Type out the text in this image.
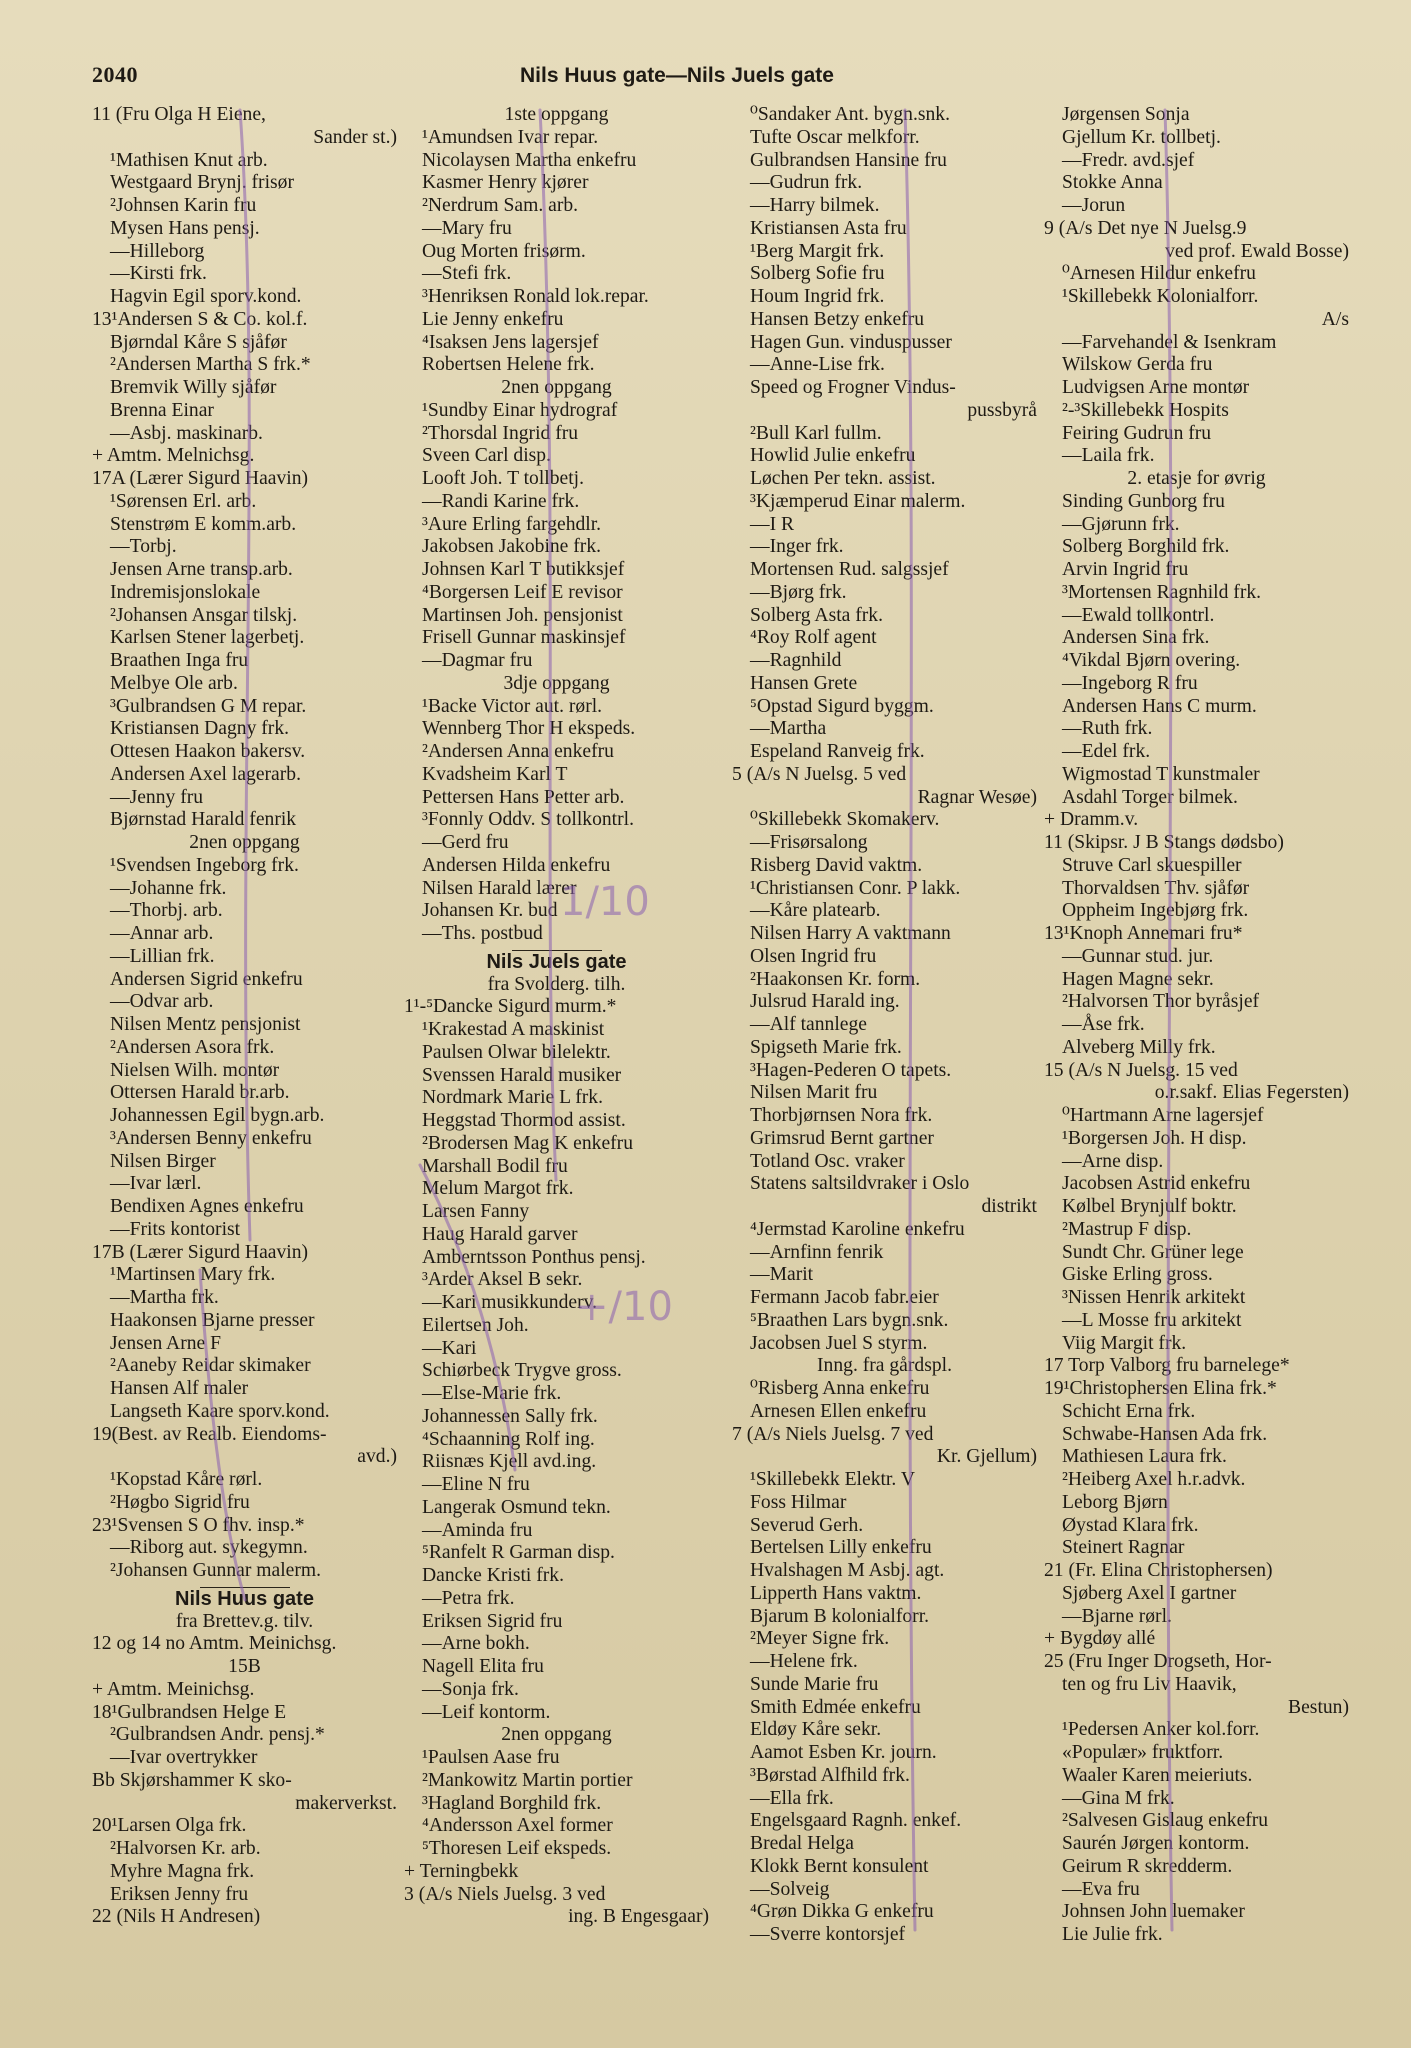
2040	Nils Huus gate—Nils Juels gate
11 (Fru Olga H Eiene,
Sander st.)
¹Mathisen Knut arb.
Westgaard Brynj. frisør
²Johnsen Karin fru
Mysen Hans pensj.
—Hilleborg
—Kirsti frk.
Hagvin Egil sporv.kond.
13¹Andersen S & Co. kol.f.
Bjørndal Kåre S sjåfør
²Andersen Martha S frk.*
Bremvik Willy sjåfør
Brenna Einar
—Asbj. maskinarb.
+ Amtm. Melnichsg.
17A (Lærer Sigurd Haavin)
¹Sørensen Erl. arb.
Stenstrøm E komm.arb.
—Torbj.
Jensen Arne transp.arb.
Indremisjonslokale
²Johansen Ansgar tilskj.
Karlsen Stener lagerbetj.
Braathen Inga fru
Melbye Ole arb.
³Gulbrandsen G M repar.
Kristiansen Dagny frk.
Ottesen Haakon bakersv.
Andersen Axel lagerarb.
—Jenny fru
Bjørnstad Harald fenrik
2nen oppgang
¹Svendsen Ingeborg frk.
—Johanne frk.
—Thorbj. arb.
—Annar arb.
—Lillian frk.
Andersen Sigrid enkefru
—Odvar arb.
Nilsen Mentz pensjonist
²Andersen Asora frk.
Nielsen Wilh. montør
Ottersen Harald br.arb.
Johannessen Egil bygn.arb.
³Andersen Benny enkefru
Nilsen Birger
—Ivar lærl.
Bendixen Agnes enkefru
—Frits kontorist
17B (Lærer Sigurd Haavin)
¹Martinsen Mary frk.
—Martha frk.
Haakonsen Bjarne presser
Jensen Arne F
²Aaneby Reidar skimaker
Hansen Alf maler
Langseth Kaare sporv.kond.
19(Best. av Realb. Eiendoms-
avd.)
¹Kopstad Kåre rørl.
²Høgbo Sigrid fru
23¹Svensen S O fhv. insp.*
—Riborg aut. sykegymn.
²Johansen Gunnar malerm.
Nils Huus gate
fra Brettev.g. tilv.
12 og 14 no Amtm. Meinichsg.
15B
+ Amtm. Meinichsg.
18¹Gulbrandsen Helge E
²Gulbrandsen Andr. pensj.*
—Ivar overtrykker
Bb Skjørshammer K sko-
makerverkst.
20¹Larsen Olga frk.
²Halvorsen Kr. arb.
Myhre Magna frk.
Eriksen Jenny fru
22 (Nils H Andresen)
1ste oppgang
¹Amundsen Ivar repar.
Nicolaysen Martha enkefru
Kasmer Henry kjører
²Nerdrum Sam. arb.
—Mary fru
Oug Morten frisørm.
—Stefi frk.
³Henriksen Ronald lok.repar.
Lie Jenny enkefru
⁴Isaksen Jens lagersjef
Robertsen Helene frk.
2nen oppgang
¹Sundby Einar hydrograf
²Thorsdal Ingrid fru
Sveen Carl disp.
Looft Joh. T tollbetj.
—Randi Karine frk.
³Aure Erling fargehdlr.
Jakobsen Jakobine frk.
Johnsen Karl T butikksjef
⁴Borgersen Leif E revisor
Martinsen Joh. pensjonist
Frisell Gunnar maskinsjef
—Dagmar fru
3dje oppgang
¹Backe Victor aut. rørl.
Wennberg Thor H ekspeds.
²Andersen Anna enkefru
Kvadsheim Karl T
Pettersen Hans Petter arb.
³Fonnly Oddv. S tollkontrl.
—Gerd fru
Andersen Hilda enkefru
Nilsen Harald lærer
Johansen Kr. bud
—Ths. postbud
Nils Juels gate
fra Svolderg. tilh.
1¹-⁵Dancke Sigurd murm.*
¹Krakestad A maskinist
Paulsen Olwar bilelektr.
Svenssen Harald musiker
Nordmark Marie L frk.
Heggstad Thormod assist.
²Brodersen Mag K enkefru
Marshall Bodil fru
Melum Margot frk.
Larsen Fanny
Haug Harald garver
Amberntsson Ponthus pensj.
³Arder Aksel B sekr.
—Kari musikkunderv.
Eilertsen Joh.
—Kari
Schiørbeck Trygve gross.
—Else-Marie frk.
Johannessen Sally frk.
⁴Schaanning Rolf ing.
Riisnæs Kjell avd.ing.
—Eline N fru
Langerak Osmund tekn.
—Aminda fru
⁵Ranfelt R Garman disp.
Dancke Kristi frk.
—Petra frk.
Eriksen Sigrid fru
—Arne bokh.
Nagell Elita fru
—Sonja frk.
—Leif kontorm.
2nen oppgang
¹Paulsen Aase fru
²Mankowitz Martin portier
³Hagland Borghild frk.
⁴Andersson Axel former
⁵Thoresen Leif ekspeds.
+ Terningbekk
3 (A/s Niels Juelsg. 3 ved
ing. B Engesgaar)
⁰Sandaker Ant. bygn.snk.
Tufte Oscar melkforr.
Gulbrandsen Hansine fru
—Gudrun frk.
—Harry bilmek.
Kristiansen Asta fru
¹Berg Margit frk.
Solberg Sofie fru
Houm Ingrid frk.
Hansen Betzy enkefru
Hagen Gun. vinduspusser
—Anne-Lise frk.
Speed og Frogner Vindus-
pussbyrå
²Bull Karl fullm.
Howlid Julie enkefru
Løchen Per tekn. assist.
³Kjæmperud Einar malerm.
—I R
—Inger frk.
Mortensen Rud. salgssjef
—Bjørg frk.
Solberg Asta frk.
⁴Roy Rolf agent
—Ragnhild
Hansen Grete
⁵Opstad Sigurd byggm.
—Martha
Espeland Ranveig frk.
5 (A/s N Juelsg. 5 ved
Ragnar Wesøe)
⁰Skillebekk Skomakerv.
—Frisørsalong
Risberg David vaktm.
¹Christiansen Conr. P lakk.
—Kåre platearb.
Nilsen Harry A vaktmann
Olsen Ingrid fru
²Haakonsen Kr. form.
Julsrud Harald ing.
—Alf tannlege
Spigseth Marie frk.
³Hagen-Pederen O tapets.
Nilsen Marit fru
Thorbjørnsen Nora frk.
Grimsrud Bernt gartner
Totland Osc. vraker
Statens saltsildvraker i Oslo
distrikt
⁴Jermstad Karoline enkefru
—Arnfinn fenrik
—Marit
Fermann Jacob fabr.eier
⁵Braathen Lars bygn.snk.
Jacobsen Juel S styrm.
Inng. fra gårdspl.
⁰Risberg Anna enkefru
Arnesen Ellen enkefru
7 (A/s Niels Juelsg. 7 ved
Kr. Gjellum)
¹Skillebekk Elektr. V
Foss Hilmar
Severud Gerh.
Bertelsen Lilly enkefru
Hvalshagen M Asbj. agt.
Lipperth Hans vaktm.
Bjarum B kolonialforr.
²Meyer Signe frk.
—Helene frk.
Sunde Marie fru
Smith Edmée enkefru
Eldøy Kåre sekr.
Aamot Esben Kr. journ.
³Børstad Alfhild frk.
—Ella frk.
Engelsgaard Ragnh. enkef.
Bredal Helga
Klokk Bernt konsulent
—Solveig
⁴Grøn Dikka G enkefru
—Sverre kontorsjef
Jørgensen Sonja
Gjellum Kr. tollbetj.
—Fredr. avd.sjef
Stokke Anna
—Jorun
9 (A/s Det nye N Juelsg.9
ved prof. Ewald Bosse)
⁰Arnesen Hildur enkefru
¹Skillebekk Kolonialforr.
A/s
—Farvehandel & Isenkram
Wilskow Gerda fru
Ludvigsen Arne montør
²-³Skillebekk Hospits
Feiring Gudrun fru
—Laila frk.
2. etasje for øvrig
Sinding Gunborg fru
—Gjørunn frk.
Solberg Borghild frk.
Arvin Ingrid fru
³Mortensen Ragnhild frk.
—Ewald tollkontrl.
Andersen Sina frk.
⁴Vikdal Bjørn overing.
—Ingeborg R fru
Andersen Hans C murm.
—Ruth frk.
—Edel frk.
Wigmostad T kunstmaler
Asdahl Torger bilmek.
+ Dramm.v.
11 (Skipsr. J B Stangs dødsbo)
Struve Carl skuespiller
Thorvaldsen Thv. sjåfør
Oppheim Ingebjørg frk.
13¹Knoph Annemari fru*
—Gunnar stud. jur.
Hagen Magne sekr.
²Halvorsen Thor byråsjef
—Åse frk.
Alveberg Milly frk.
15 (A/s N Juelsg. 15 ved
o.r.sakf. Elias Fegersten)
⁰Hartmann Arne lagersjef
¹Borgersen Joh. H disp.
—Arne disp.
Jacobsen Astrid enkefru
Kølbel Brynjulf boktr.
²Mastrup F disp.
Sundt Chr. Grüner lege
Giske Erling gross.
³Nissen Henrik arkitekt
—L Mosse fru arkitekt
Viig Margit frk.
17 Torp Valborg fru barnelege*
19¹Christophersen Elina frk.*
Schicht Erna frk.
Schwabe-Hansen Ada frk.
Mathiesen Laura frk.
²Heiberg Axel h.r.advk.
Leborg Bjørn
Øystad Klara frk.
Steinert Ragnar
21 (Fr. Elina Christophersen)
Sjøberg Axel I gartner
—Bjarne rørl.
+ Bygdøy allé
25 (Fru Inger Drogseth, Hor-
ten og fru Liv Haavik,
Bestun)
¹Pedersen Anker kol.forr.
«Populær» fruktforr.
Waaler Karen meieriuts.
—Gina M frk.
²Salvesen Gislaug enkefru
Saurén Jørgen kontorm.
Geirum R skredderm.
—Eva fru
Johnsen John luemaker
Lie Julie frk.
1/10
+/10
